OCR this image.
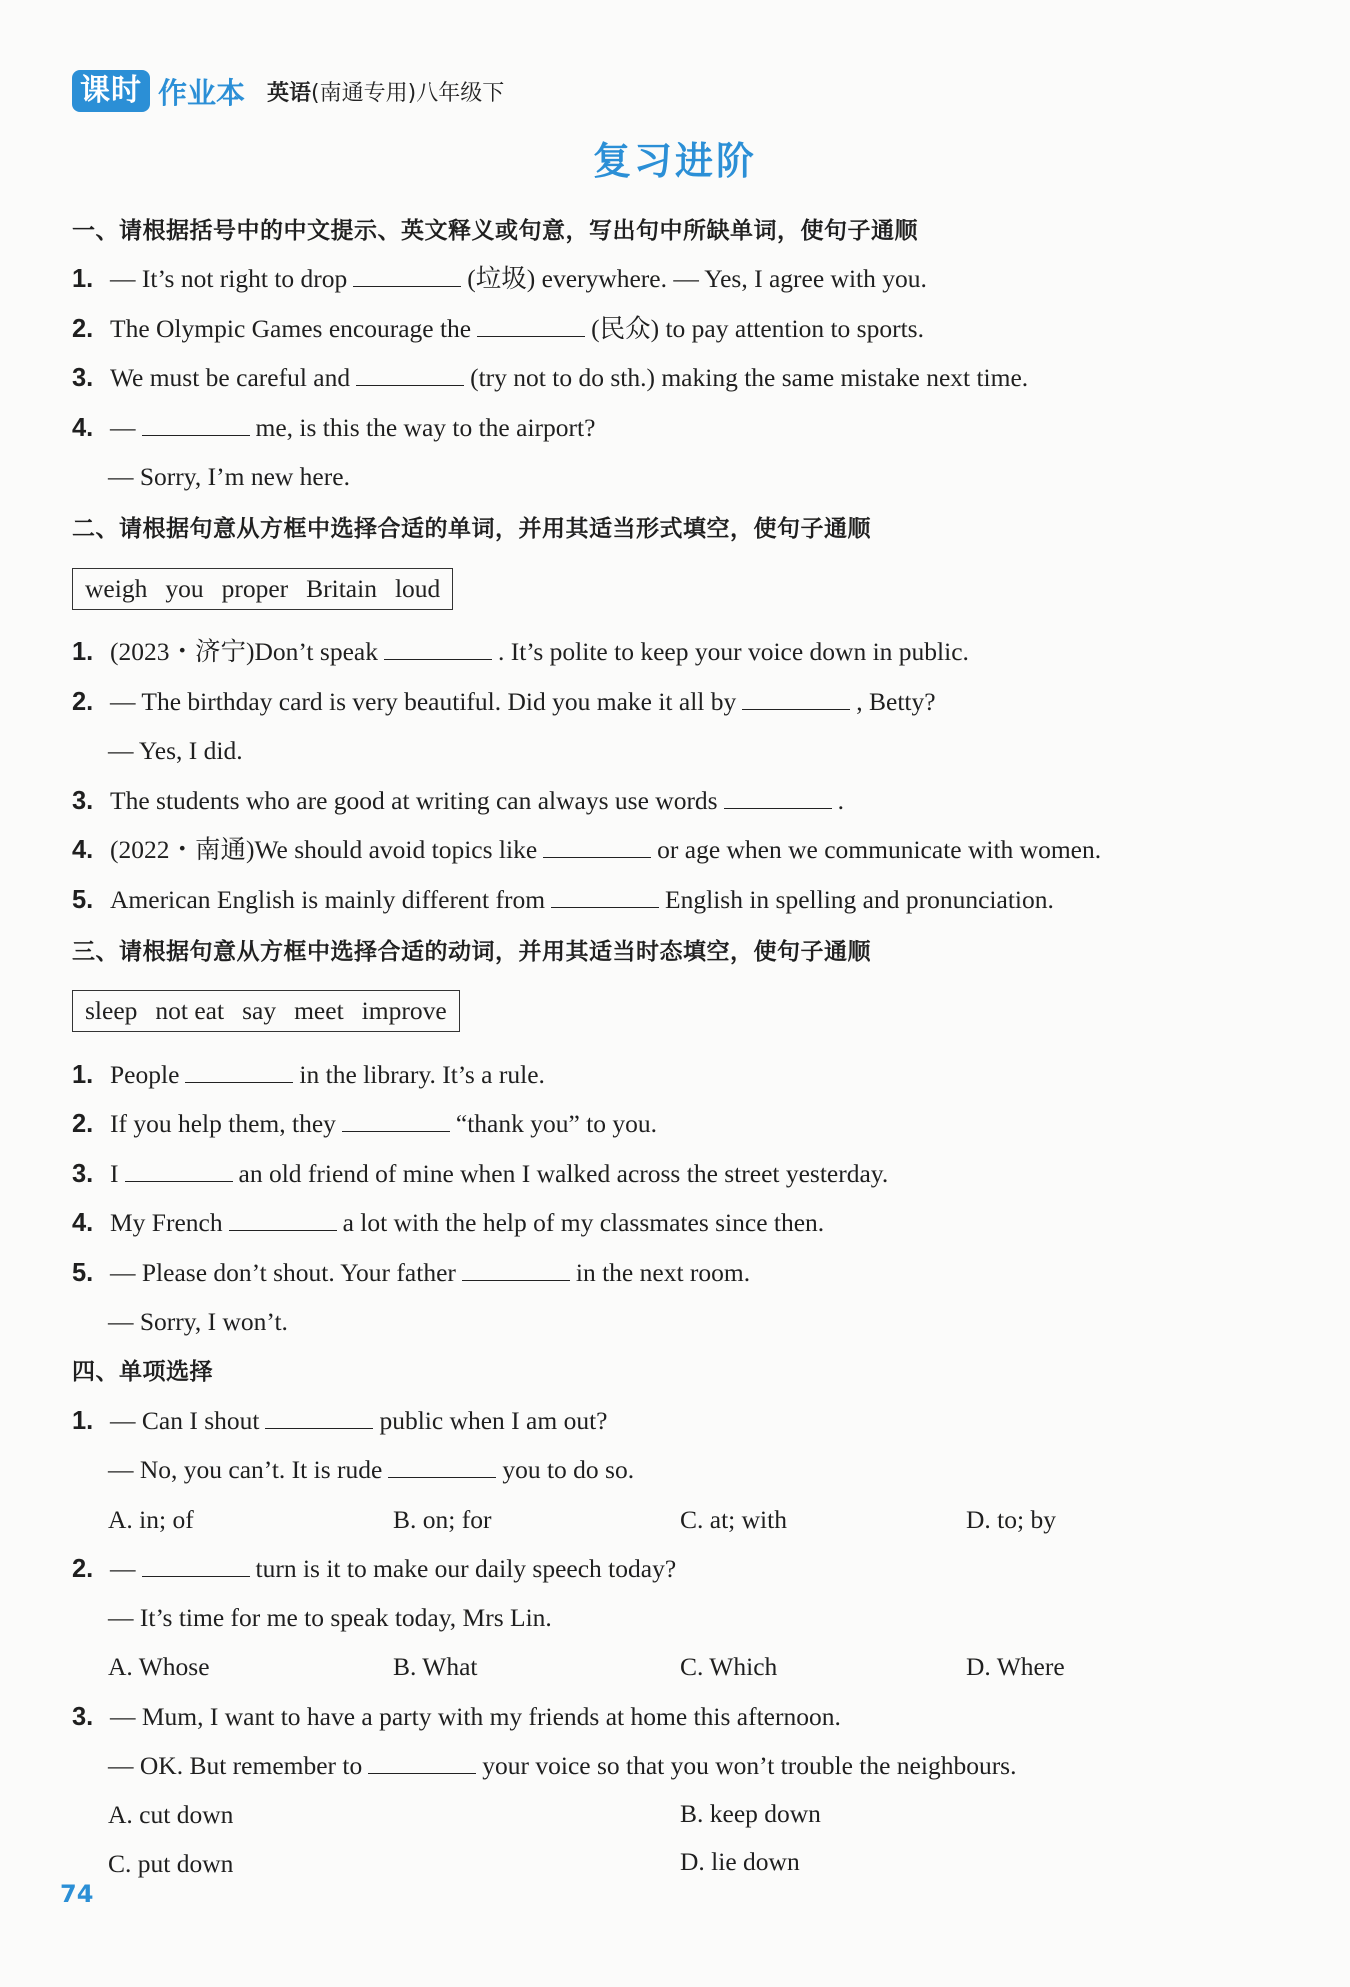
课时 作业本 英语(南通专用)八年级下
复习进阶
一、请根据括号中的中文提示、英文释义或句意，写出句中所缺单词，使句子通顺
1. — It’s not right to drop	(垃圾) everywhere. — Yes, I agree with you.
2. The Olympic Games encourage the	(民众) to pay attention to sports.
3. We must be careful and	(try not to do sth.) making the same mistake next time.
4. —	me, is this the way to the airport?
— Sorry, I’m new here.
二、请根据句意从方框中选择合适的单词，并用其适当形式填空，使句子通顺
weigh you proper Britain loud
1. (2023・济宁)Don’t speak	. It’s polite to keep your voice down in public.
2. — The birthday card is very beautiful. Did you make it all by	, Betty?
— Yes, I did.
3. The students who are good at writing can always use words	.
4. (2022・南通)We should avoid topics like	or age when we communicate with women.
5. American English is mainly different from	English in spelling and pronunciation.
三、请根据句意从方框中选择合适的动词，并用其适当时态填空，使句子通顺
sleep not eat say meet improve
1. People	in the library. It’s a rule.
2. If you help them, they	“thank you” to you.
3. I	an old friend of mine when I walked across the street yesterday.
4. My French	a lot with the help of my classmates since then.
5. — Please don’t shout. Your father	in the next room.
— Sorry, I won’t.
四、单项选择
1. — Can I shout	public when I am out?
— No, you can’t. It is rude	you to do so.
A. in; of	B. on; for	C. at; with	D. to; by
2. —	turn is it to make our daily speech today?
— It’s time for me to speak today, Mrs Lin.
A. Whose	B. What	C. Which	D. Where
3. — Mum, I want to have a party with my friends at home this afternoon.
— OK. But remember to	your voice so that you won’t trouble the neighbours.
A. cut down	B. keep down
C. put down	D. lie down
74
